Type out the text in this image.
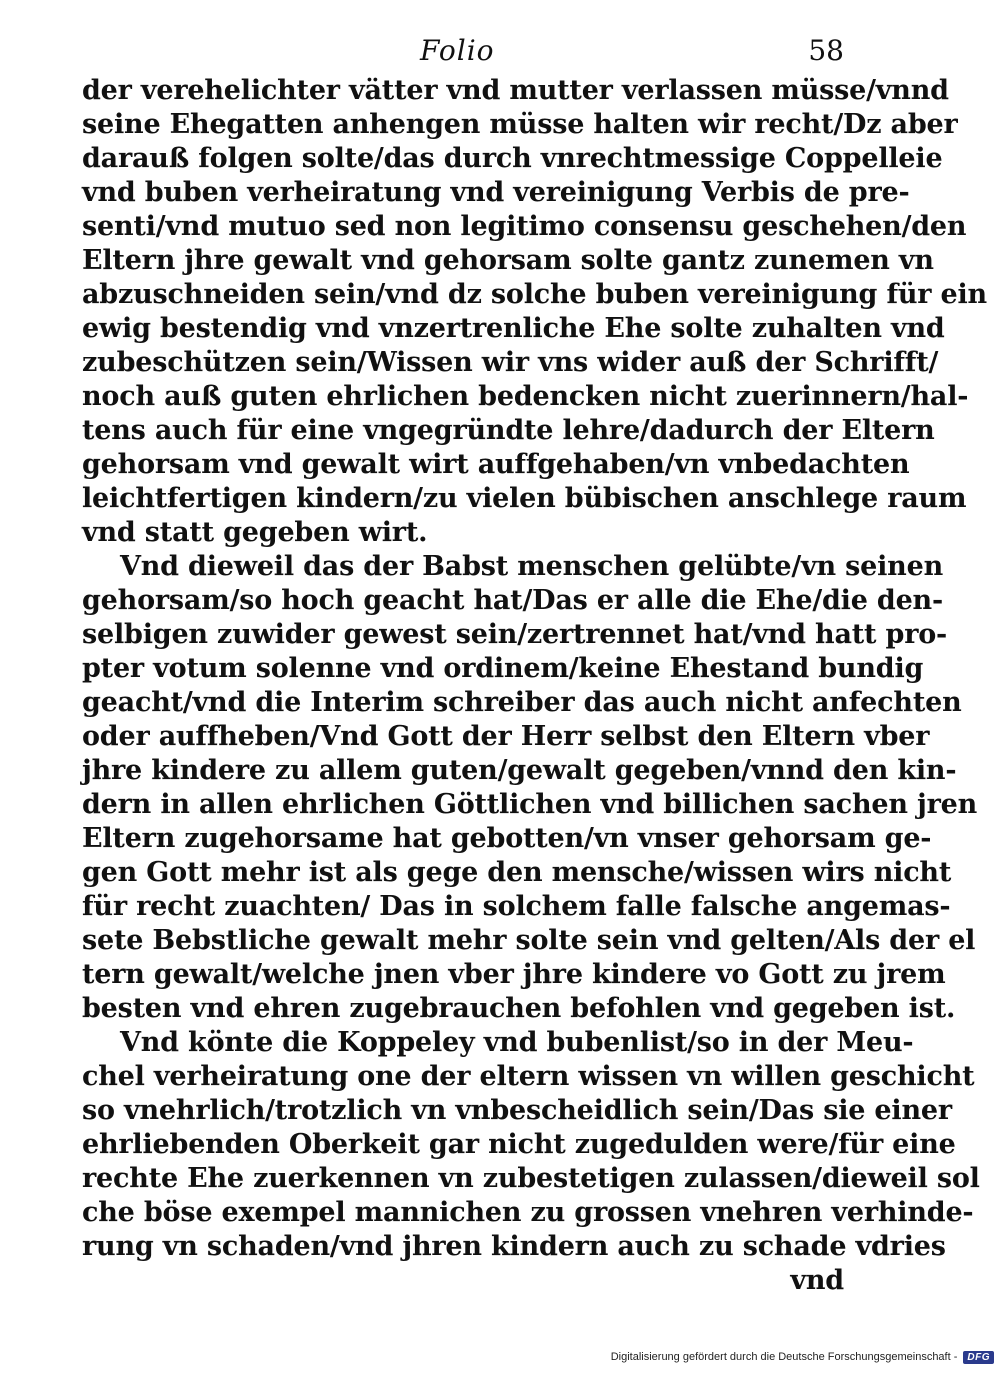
Folio	58
der verehelichter vätter vnd mutter verlassen müsse/vnnd
seine Ehegatten anhengen müsse halten wir recht/Dz aber
darauß folgen solte/das durch vnrechtmessige Coppelleie
vnd buben verheiratung vnd vereinigung Verbis de pre-
senti/vnd mutuo sed non legitimo consensu geschehen/den
Eltern jhre gewalt vnd gehorsam solte gantz zunemen vn
abzuschneiden sein/vnd dz solche buben vereinigung für ein
ewig bestendig vnd vnzertrenliche Ehe solte zuhalten vnd
zubeschützen sein/Wissen wir vns wider auß der Schrifft/
noch auß guten ehrlichen bedencken nicht zuerinnern/hal-
tens auch für eine vngegründte lehre/dadurch der Eltern
gehorsam vnd gewalt wirt auffgehaben/vn vnbedachten
leichtfertigen kindern/zu vielen bübischen anschlege raum
vnd statt gegeben wirt.
Vnd dieweil das der Babst menschen gelübte/vn seinen
gehorsam/so hoch geacht hat/Das er alle die Ehe/die den-
selbigen zuwider gewest sein/zertrennet hat/vnd hatt pro-
pter votum solenne vnd ordinem/keine Ehestand bundig
geacht/vnd die Interim schreiber das auch nicht anfechten
oder auffheben/Vnd Gott der Herr selbst den Eltern vber
jhre kindere zu allem guten/gewalt gegeben/vnnd den kin-
dern in allen ehrlichen Göttlichen vnd billichen sachen jren
Eltern zugehorsame hat gebotten/vn vnser gehorsam ge-
gen Gott mehr ist als gege den mensche/wissen wirs nicht
für recht zuachten/ Das in solchem falle falsche angemas-
sete Bebstliche gewalt mehr solte sein vnd gelten/Als der el
tern gewalt/welche jnen vber jhre kindere vo Gott zu jrem
besten vnd ehren zugebrauchen befohlen vnd gegeben ist.
Vnd könte die Koppeley vnd bubenlist/so in der Meu-
chel verheiratung one der eltern wissen vn willen geschicht
so vnehrlich/trotzlich vn vnbescheidlich sein/Das sie einer
ehrliebenden Oberkeit gar nicht zugedulden were/für eine
rechte Ehe zuerkennen vn zubestetigen zulassen/dieweil sol
che böse exempel mannichen zu grossen vnehren verhinde-
rung vn schaden/vnd jhren kindern auch zu schade vdries
vnd
Digitalisierung gefördert durch die Deutsche Forschungsgemeinschaft -	DFG
